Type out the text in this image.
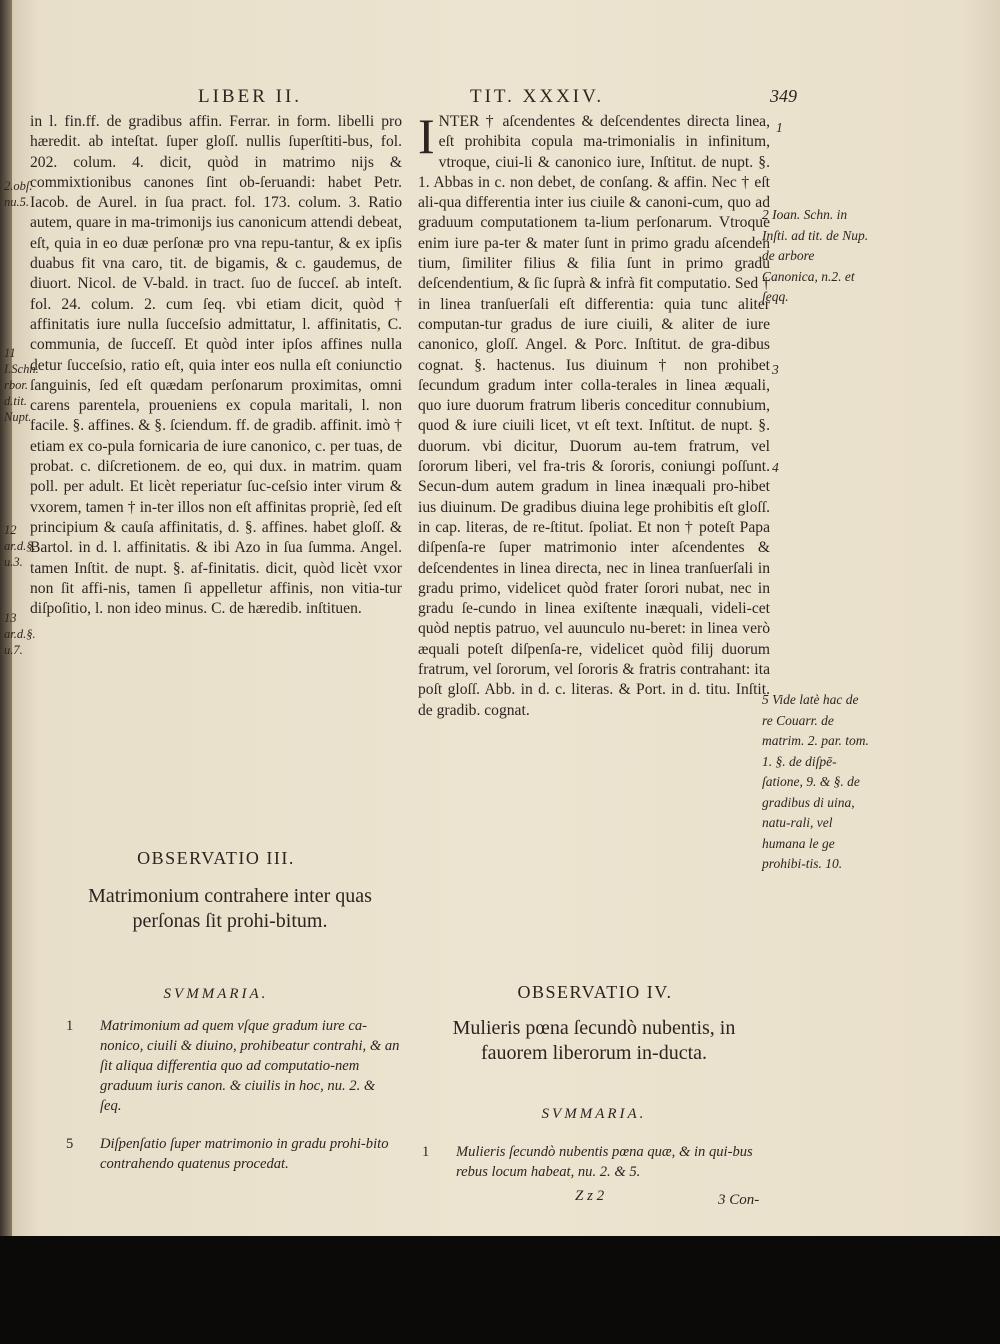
LIBER II.	TIT. XXXIV.	349
2.obſ. nu.5.
11 I.Schn. rbor. d.tit. Nupt.
12 ar.d.§. u.3.
13 ar.d.§. u.7.

in l. fin.ff. de gradibus affin. Ferrar. in form. libelli pro hæredit. ab inteſtat. ſuper gloſſ. nullis ſuperſtiti-bus, fol. 202. colum. 4. dicit, quòd in matrimo nijs & commixtionibus canones ſint ob-ſeruandi: habet Petr. Iacob. de Aurel. in ſua pract. fol. 173. colum. 3. Ratio autem, quare in ma-trimonijs ius canonicum attendi debeat, eſt, quia in eo duæ perſonæ pro vna repu-tantur, & ex ipſis duabus fit vna caro, tit. de bigamis, & c. gaudemus, de diuort. Nicol. de V-bald. in tract. ſuo de ſucceſ. ab inteſt. fol. 24. colum. 2. cum ſeq. vbi etiam dicit, quòd † affinitatis iure nulla ſucceſsio admittatur, l. affinitatis, C. communia, de ſucceſſ. Et quòd inter ipſos affines nulla detur ſucceſsio, ratio eſt, quia inter eos nulla eſt coniunctio ſanguinis, ſed eſt quædam perſonarum proximitas, omni carens parentela, proueniens ex copula maritali, l. non facile. §. affines. & §. ſciendum. ff. de gradib. affinit. imò † etiam ex co-pula fornicaria de iure canonico, c. per tuas, de probat. c. diſcretionem. de eo, qui dux. in matrim. quam poll. per adult. Et licèt reperiatur ſuc-ceſsio inter virum & vxorem, tamen † in-ter illos non eſt affinitas propriè, ſed eſt principium & cauſa affinitatis, d. §. affines. habet gloſſ. & Bartol. in d. l. affinitatis. & ibi Azo in ſua ſumma. Angel. tamen Inſtit. de nupt. §. af-finitatis. dicit, quòd licèt vxor non ſit affi-nis, tamen ſi appelletur affinis, non vitia-tur diſpoſitio, l. non ideo minus. C. de hæredib. inſtituen.

OBSERVATIO III.
Matrimonium contrahere inter quas perſonas ſit prohi-bitum.
SVMMARIA.
1 Matrimonium ad quem vſque gradum iure ca-nonico, ciuili & diuino, prohibeatur contrahi, & an ſit aliqua differentia quo ad computatio-nem graduum iuris canon. & ciuilis in hoc, nu. 2. & ſeq.
5 Diſpenſatio ſuper matrimonio in gradu prohi-bito contrahendo quatenus procedat.

INTER † aſcendentes & deſcendentes directa linea, eſt prohibita copula ma-trimonialis in infinitum, vtroque, ciui-li & canonico iure, Inſtitut. de nupt. §. 1. Abbas in c. non debet, de conſang. & affin. Nec † eſt ali-qua differentia inter ius ciuile & canoni-cum, quo ad graduum computationem ta-lium perſonarum. Vtroque enim iure pa-ter & mater ſunt in primo gradu aſcenden tium, ſimiliter filius & filia ſunt in primo gradu deſcendentium, & ſic ſuprà & infrà fit computatio. Sed † in linea tranſuerſali eſt differentia: quia tunc aliter computan-tur gradus de iure ciuili, & aliter de iure canonico, gloſſ. Angel. & Porc. Inſtitut. de gra-dibus cognat. §. hactenus. Ius diuinum † non prohibet ſecundum gradum inter colla-terales in linea æquali, quo iure duorum fratrum liberis conceditur connubium, quod & iure ciuili licet, vt eſt text. Inſtitut. de nupt. §. duorum. vbi dicitur, Duorum au-tem fratrum, vel ſororum liberi, vel fra-tris & ſororis, coniungi poſſunt. Secun-dum autem gradum in linea inæquali pro-hibet ius diuinum. De gradibus diuina lege prohibitis eſt gloſſ. in cap. literas, de re-ſtitut. ſpoliat. Et non † poteſt Papa diſpenſa-re ſuper matrimonio inter aſcendentes & deſcendentes in linea directa, nec in linea tranſuerſali in gradu primo, videlicet quòd frater ſorori nubat, nec in gradu ſe-cundo in linea exiſtente inæquali, videli-cet quòd neptis patruo, vel auunculo nu-beret: in linea verò æquali poteſt diſpenſa-re, videlicet quòd filij duorum fratrum, vel ſororum, vel ſororis & fratris contrahant: ita poſt gloſſ. Abb. in d. c. literas. & Port. in d. titu. Inſtit. de gradib. cognat.

1
2 Ioan. Schn. in Inſti. ad tit. de Nup. de arbore Canonica, n.2. et ſeqq.
3
4
5 Vide latè hac de re Couarr. de matrim. 2. par. tom. 1. §. de diſpē-ſatione, 9. & §. de gradibus di uina, natu-rali, vel humana le ge prohibi-tis. 10.
OBSERVATIO IV.
Mulieris pœna ſecundò nubentis, in fauorem liberorum in-ducta.
SVMMARIA.
1 Mulieris ſecundò nubentis pœna quæ, & in qui-bus rebus locum habeat, nu. 2. & 5.
Z z 2	3 Con-
